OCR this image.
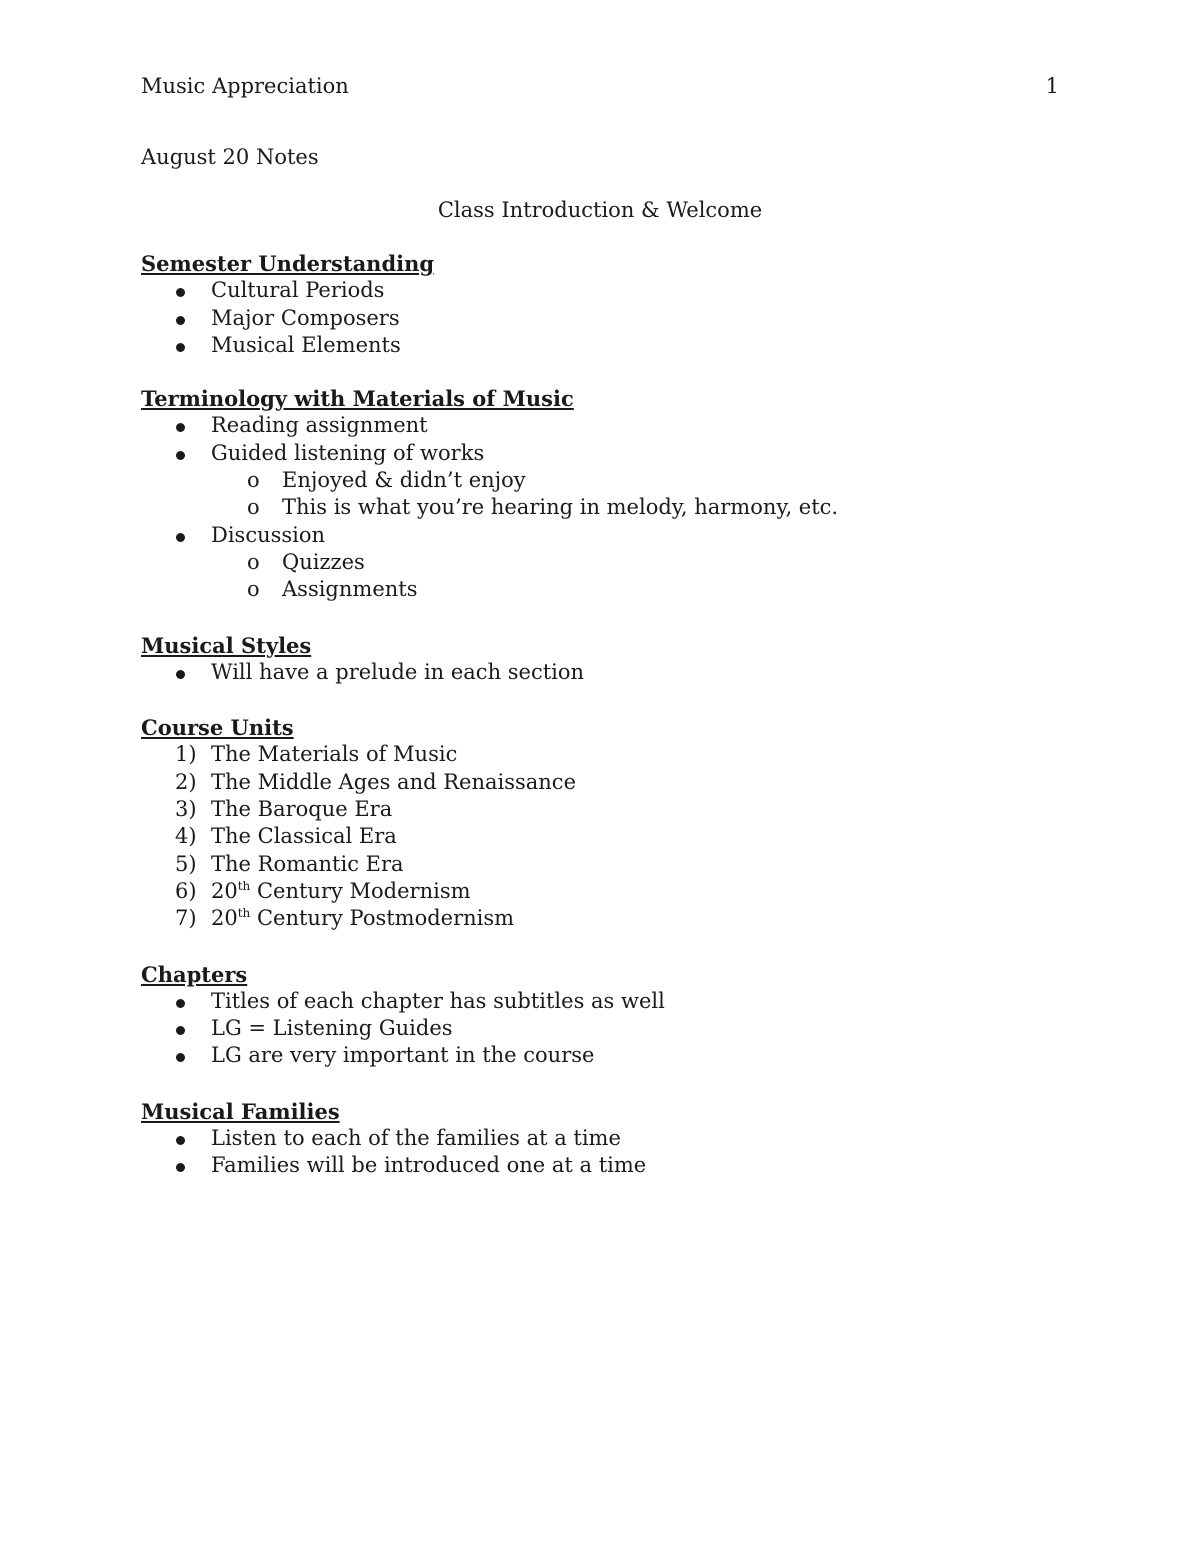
Music Appreciation	1
August 20 Notes
Class Introduction & Welcome

Semester Understanding

Cultural Periods
Major Composers
Musical Elements

Terminology with Materials of Music

Reading assignment
Guided listening of works
o Enjoyed & didn’t enjoy
o This is what you’re hearing in melody, harmony, etc.
Discussion
o Quizzes
o Assignments

Musical Styles

Will have a prelude in each section

Course Units

1) The Materials of Music
2) The Middle Ages and Renaissance
3) The Baroque Era
4) The Classical Era
5) The Romantic Era
6) 20th Century Modernism
7) 20th Century Postmodernism

Chapters

Titles of each chapter has subtitles as well
LG = Listening Guides
LG are very important in the course

Musical Families

Listen to each of the families at a time
Families will be introduced one at a time
